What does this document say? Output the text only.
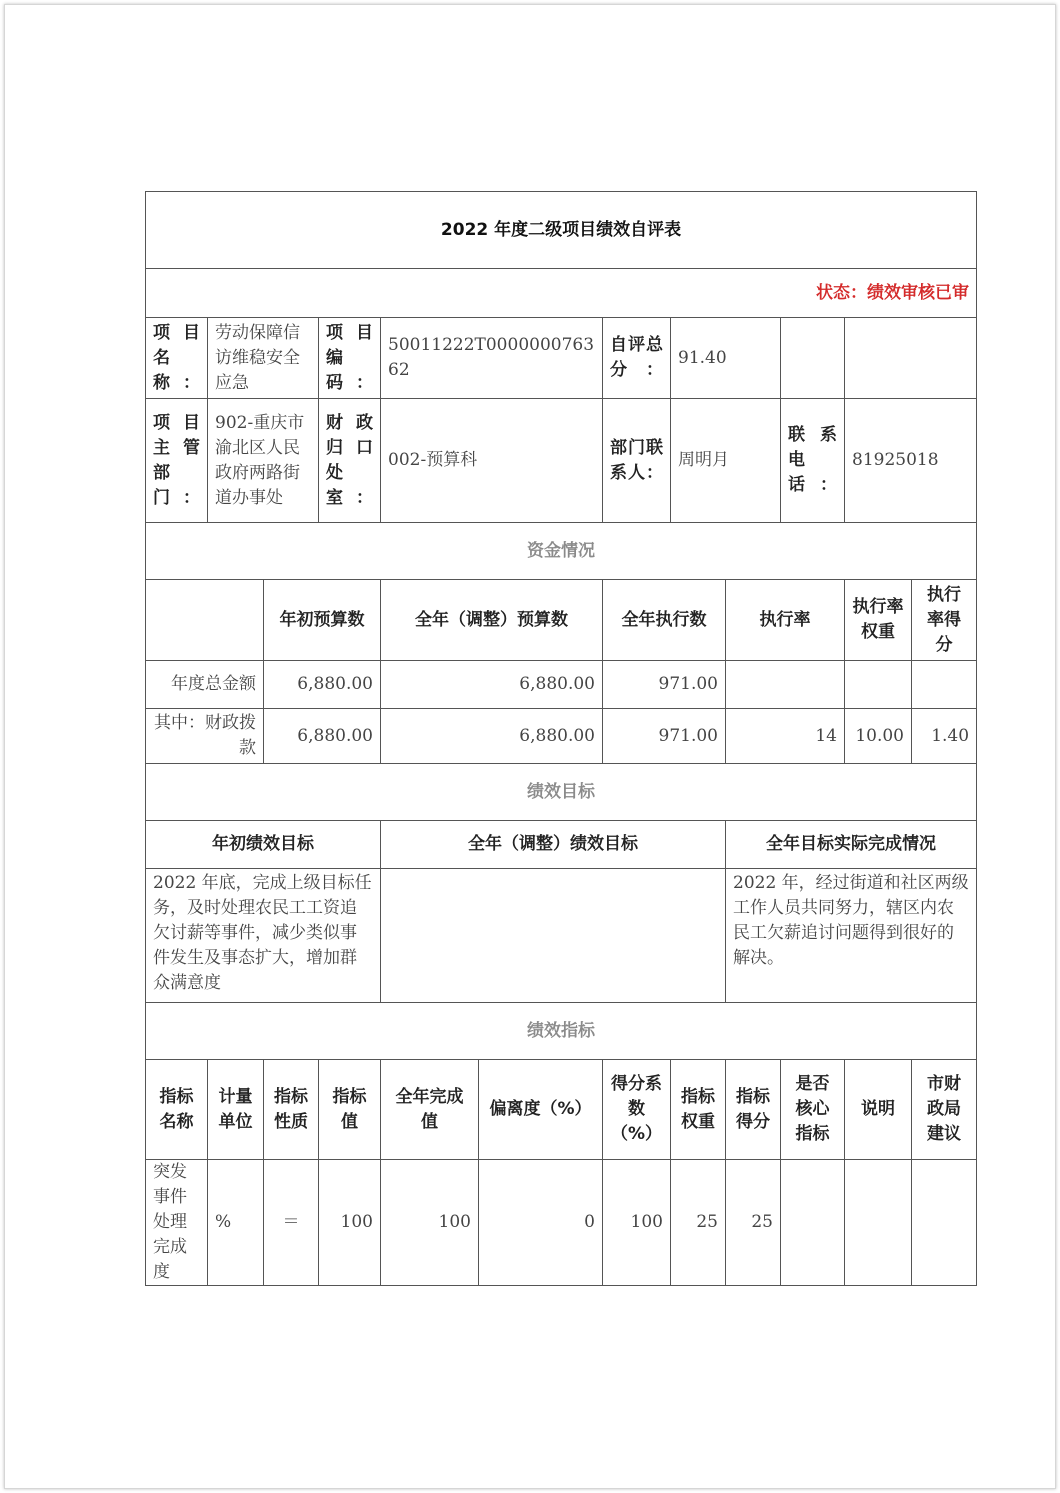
2022 年度二级项目绩效自评表											
状态：绩效审核已审											
项目名称：	劳动保障信访维稳安全应急		项目编码：	50011222T000000076362		自评总分：	91.40				
项目主管部门：	902-重庆市渝北区人民政府两路街道办事处		财政归口处室：	002-预算科		部门联系人：	周明月		联系电话：	81925018	
资金情况											
		年初预算数		全年（调整）预算数		全年执行数		执行率		执行率权重	执行率得分
年度总金额		6,880.00		6,880.00		971.00					
其中：财政拨款		6,880.00		6,880.00		971.00		14		10.00	1.40
绩效目标											
年初绩效目标				全年（调整）绩效目标				全年目标实际完成情况			
2022 年底，完成上级目标任务，及时处理农民工工资追欠讨薪等事件，减少类似事件发生及事态扩大，增加群众满意度								2022 年，经过街道和社区两级工作人员共同努力，辖区内农民工欠薪追讨问题得到很好的解决。			
绩效指标											
指标名称	计量单位	指标性质	指标值	全年完成值	偏离度（%）	得分系数（%）	指标权重	指标得分	是否核心指标	说明	市财政局建议
突发事件处理完成度	%	＝	100	100	0	100	25	25			
